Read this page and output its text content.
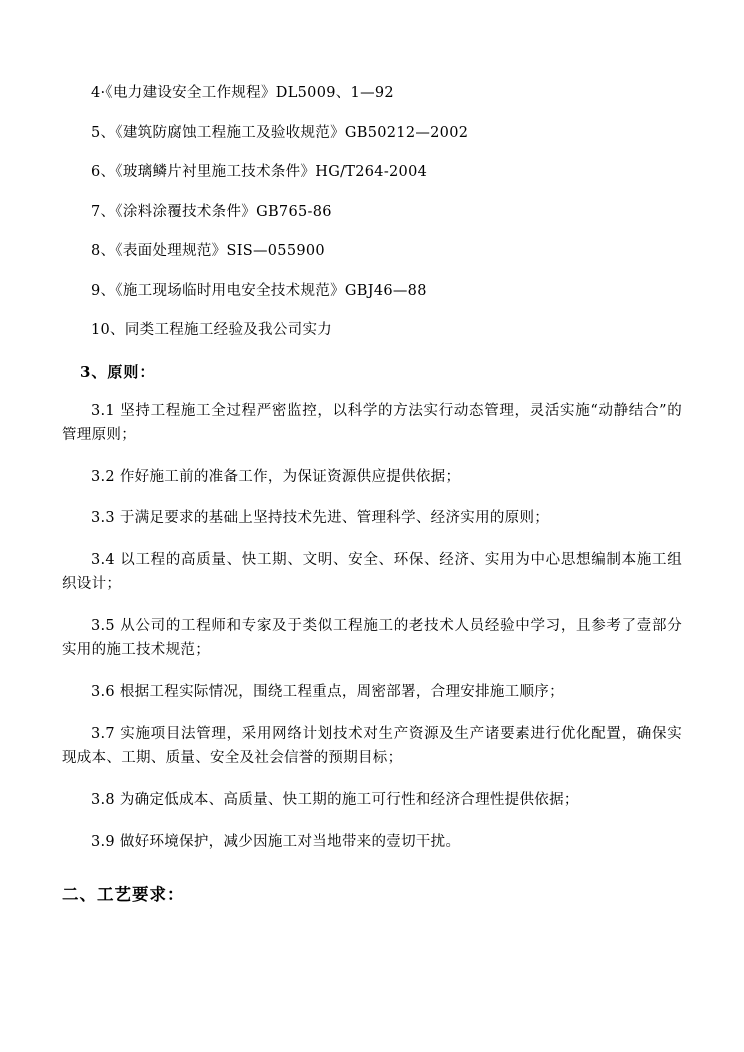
4·《电力建设安全工作规程》DL5009、1—92

5、《建筑防腐蚀工程施工及验收规范》GB50212—2002

6、《玻璃鳞片衬里施工技术条件》HG/T264-2004

7、《涂料涂覆技术条件》GB765-86

8、《表面处理规范》SIS—055900

9、《施工现场临时用电安全技术规范》GBJ46—88

10、同类工程施工经验及我公司实力

3、原则：

3.1 坚持工程施工全过程严密监控，以科学的方法实行动态管理，灵活实施“动静结合”的管理原则；

3.2 作好施工前的准备工作，为保证资源供应提供依据；

3.3 于满足要求的基础上坚持技术先进、管理科学、经济实用的原则；

3.4 以工程的高质量、快工期、文明、安全、环保、经济、实用为中心思想编制本施工组织设计；

3.5 从公司的工程师和专家及于类似工程施工的老技术人员经验中学习，且参考了壹部分实用的施工技术规范；

3.6 根据工程实际情况，围绕工程重点，周密部署，合理安排施工顺序；

3.7 实施项目法管理，采用网络计划技术对生产资源及生产诸要素进行优化配置，确保实现成本、工期、质量、安全及社会信誉的预期目标；

3.8 为确定低成本、高质量、快工期的施工可行性和经济合理性提供依据；

3.9 做好环境保护，减少因施工对当地带来的壹切干扰。

二、工艺要求：
